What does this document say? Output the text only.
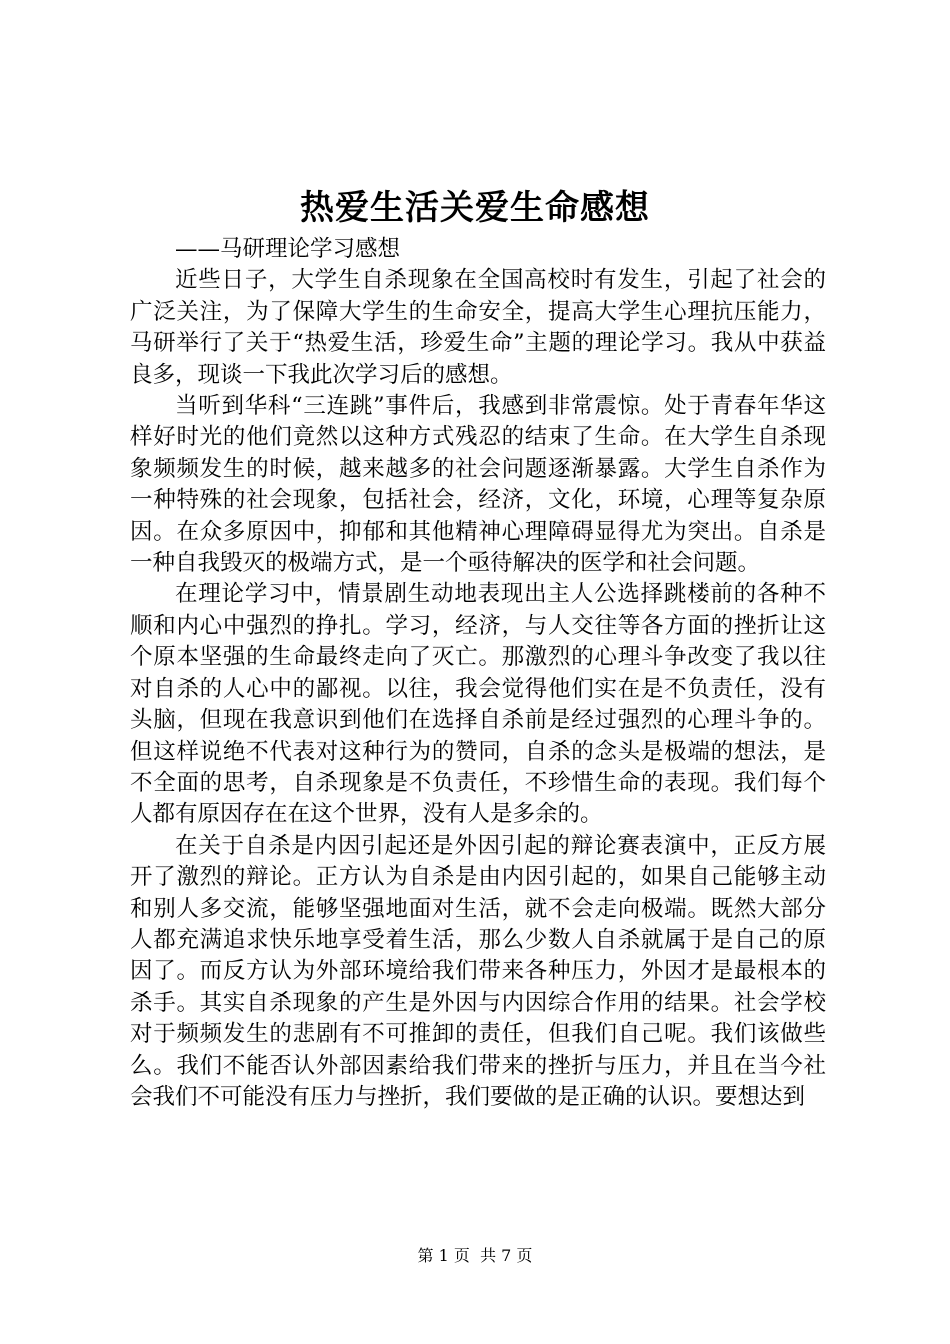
热爱生活关爱生命感想

——马研理论学习感想

近些日子，大学生自杀现象在全国高校时有发生，引起了社会的广泛关注，为了保障大学生的生命安全，提高大学生心理抗压能力，马研举行了关于“热爱生活，珍爱生命”主题的理论学习。我从中获益良多，现谈一下我此次学习后的感想。

当听到华科“三连跳”事件后，我感到非常震惊。处于青春年华这样好时光的他们竟然以这种方式残忍的结束了生命。在大学生自杀现象频频发生的时候，越来越多的社会问题逐渐暴露。大学生自杀作为一种特殊的社会现象，包括社会，经济，文化，环境，心理等复杂原因。在众多原因中，抑郁和其他精神心理障碍显得尤为突出。自杀是一种自我毁灭的极端方式，是一个亟待解决的医学和社会问题。

在理论学习中，情景剧生动地表现出主人公选择跳楼前的各种不顺和内心中强烈的挣扎。学习，经济，与人交往等各方面的挫折让这个原本坚强的生命最终走向了灭亡。那激烈的心理斗争改变了我以往对自杀的人心中的鄙视。以往，我会觉得他们实在是不负责任，没有头脑，但现在我意识到他们在选择自杀前是经过强烈的心理斗争的。但这样说绝不代表对这种行为的赞同，自杀的念头是极端的想法，是不全面的思考，自杀现象是不负责任，不珍惜生命的表现。我们每个人都有原因存在在这个世界，没有人是多余的。

在关于自杀是内因引起还是外因引起的辩论赛表演中，正反方展开了激烈的辩论。正方认为自杀是由内因引起的，如果自己能够主动和别人多交流，能够坚强地面对生活，就不会走向极端。既然大部分人都充满追求快乐地享受着生活，那么少数人自杀就属于是自己的原因了。而反方认为外部环境给我们带来各种压力，外因才是最根本的杀手。其实自杀现象的产生是外因与内因综合作用的结果。社会学校对于频频发生的悲剧有不可推卸的责任，但我们自己呢。我们该做些么。我们不能否认外部因素给我们带来的挫折与压力，并且在当今社会我们不可能没有压力与挫折，我们要做的是正确的认识。要想达到

第 1 页  共 7 页
